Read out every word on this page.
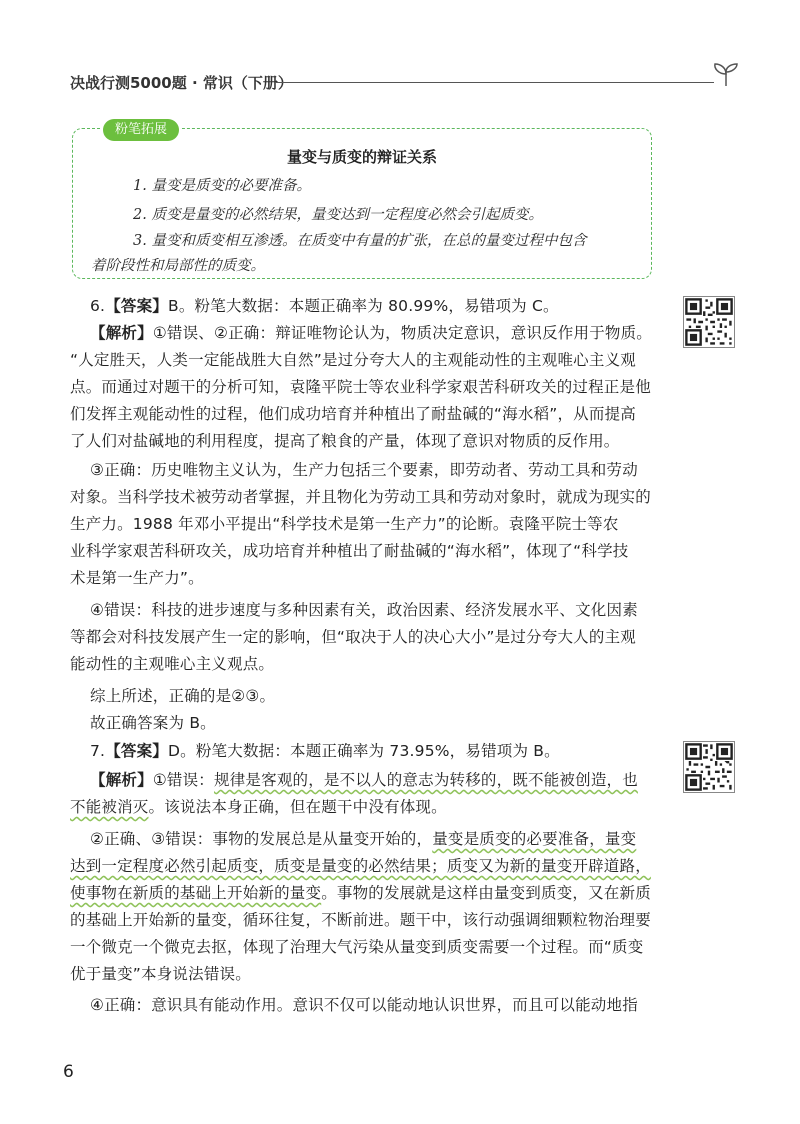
决战行测5000题 · 常识（下册）
粉笔拓展
量变与质变的辩证关系
1. 量变是质变的必要准备。
2. 质变是量变的必然结果，量变达到一定程度必然会引起质变。
3. 量变和质变相互渗透。在质变中有量的扩张，在总的量变过程中包含
着阶段性和局部性的质变。
6.【答案】B。粉笔大数据：本题正确率为 80.99%，易错项为 C。
【解析】①错误、②正确：辩证唯物论认为，物质决定意识，意识反作用于物质。
“人定胜天，人类一定能战胜大自然”是过分夸大人的主观能动性的主观唯心主义观
点。而通过对题干的分析可知，袁隆平院士等农业科学家艰苦科研攻关的过程正是他
们发挥主观能动性的过程，他们成功培育并种植出了耐盐碱的“海水稻”，从而提高
了人们对盐碱地的利用程度，提高了粮食的产量，体现了意识对物质的反作用。
③正确：历史唯物主义认为，生产力包括三个要素，即劳动者、劳动工具和劳动
对象。当科学技术被劳动者掌握，并且物化为劳动工具和劳动对象时，就成为现实的
生产力。1988 年邓小平提出“科学技术是第一生产力”的论断。袁隆平院士等农
业科学家艰苦科研攻关，成功培育并种植出了耐盐碱的“海水稻”，体现了“科学技
术是第一生产力”。
④错误：科技的进步速度与多种因素有关，政治因素、经济发展水平、文化因素
等都会对科技发展产生一定的影响，但“取决于人的决心大小”是过分夸大人的主观
能动性的主观唯心主义观点。
综上所述，正确的是②③。
故正确答案为 B。
7.【答案】D。粉笔大数据：本题正确率为 73.95%，易错项为 B。
【解析】①错误：规律是客观的，是不以人的意志为转移的，既不能被创造，也
不能被消灭。该说法本身正确，但在题干中没有体现。
②正确、③错误：事物的发展总是从量变开始的，量变是质变的必要准备，量变
达到一定程度必然引起质变，质变是量变的必然结果；质变又为新的量变开辟道路，
使事物在新质的基础上开始新的量变。事物的发展就是这样由量变到质变，又在新质
的基础上开始新的量变，循环往复，不断前进。题干中，该行动强调细颗粒物治理要
一个微克一个微克去抠，体现了治理大气污染从量变到质变需要一个过程。而“质变
优于量变”本身说法错误。
④正确：意识具有能动作用。意识不仅可以能动地认识世界，而且可以能动地指
6
